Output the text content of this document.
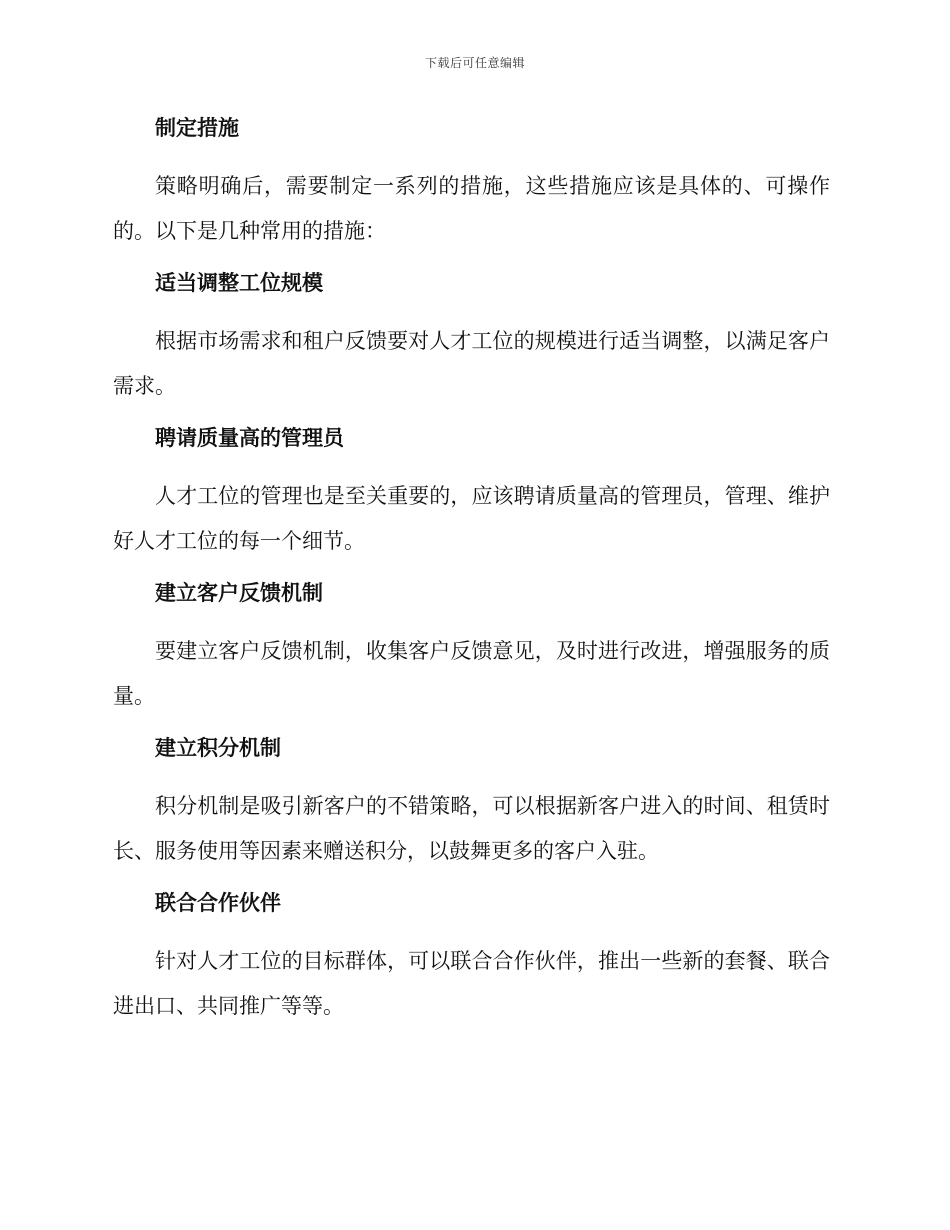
下载后可任意编辑
制定措施
策略明确后，需要制定一系列的措施，这些措施应该是具体的、可操作的。以下是几种常用的措施：
适当调整工位规模
根据市场需求和租户反馈要对人才工位的规模进行适当调整，以满足客户需求。
聘请质量高的管理员
人才工位的管理也是至关重要的，应该聘请质量高的管理员，管理、维护好人才工位的每一个细节。
建立客户反馈机制
要建立客户反馈机制，收集客户反馈意见，及时进行改进，增强服务的质量。
建立积分机制
积分机制是吸引新客户的不错策略，可以根据新客户进入的时间、租赁时长、服务使用等因素来赠送积分，以鼓舞更多的客户入驻。
联合合作伙伴
针对人才工位的目标群体，可以联合合作伙伴，推出一些新的套餐、联合进出口、共同推广等等。
